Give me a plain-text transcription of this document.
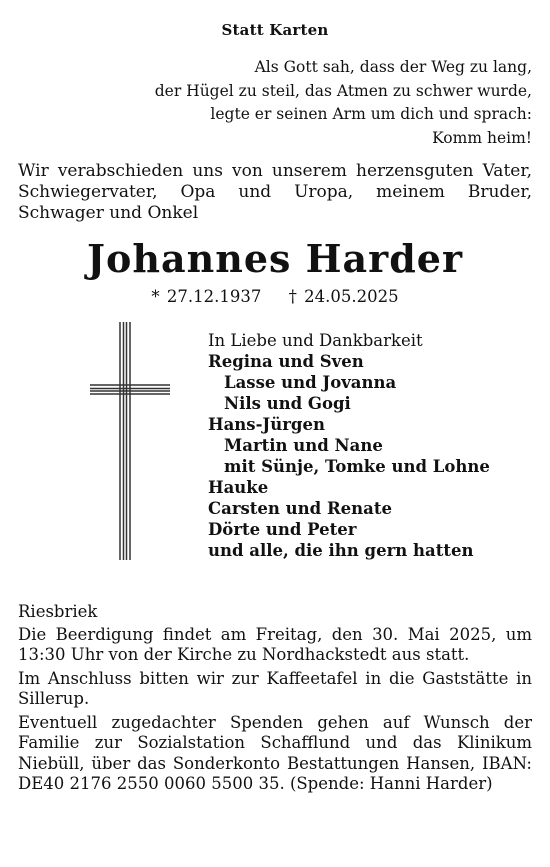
Statt Karten
Als Gott sah, dass der Weg zu lang,
der Hügel zu steil, das Atmen zu schwer wurde,
legte er seinen Arm um dich und sprach:
Komm heim!
Wir verabschieden uns von unserem herzensguten Vater, Schwiegervater, Opa und Uropa, meinem Bruder, Schwager und Onkel
Johannes Harder
* 27.12.1937 † 24.05.2025
In Liebe und Dankbarkeit
Regina und Sven
Lasse und Jovanna
Nils und Gogi
Hans-Jürgen
Martin und Nane
mit Sünje, Tomke und Lohne
Hauke
Carsten und Renate
Dörte und Peter
und alle, die ihn gern hatten

Riesbriek

Die Beerdigung findet am Freitag, den 30. Mai 2025, um 13:30 Uhr von der Kirche zu Nordhackstedt aus statt.

Im Anschluss bitten wir zur Kaffeetafel in die Gaststätte in Sillerup.

Eventuell zugedachter Spenden gehen auf Wunsch der Familie zur Sozialstation Schafflund und das Klinikum Niebüll, über das Sonderkonto Bestattungen Hansen, IBAN: DE40 2176 2550 0060 5500 35. (Spende: Hanni Harder)
